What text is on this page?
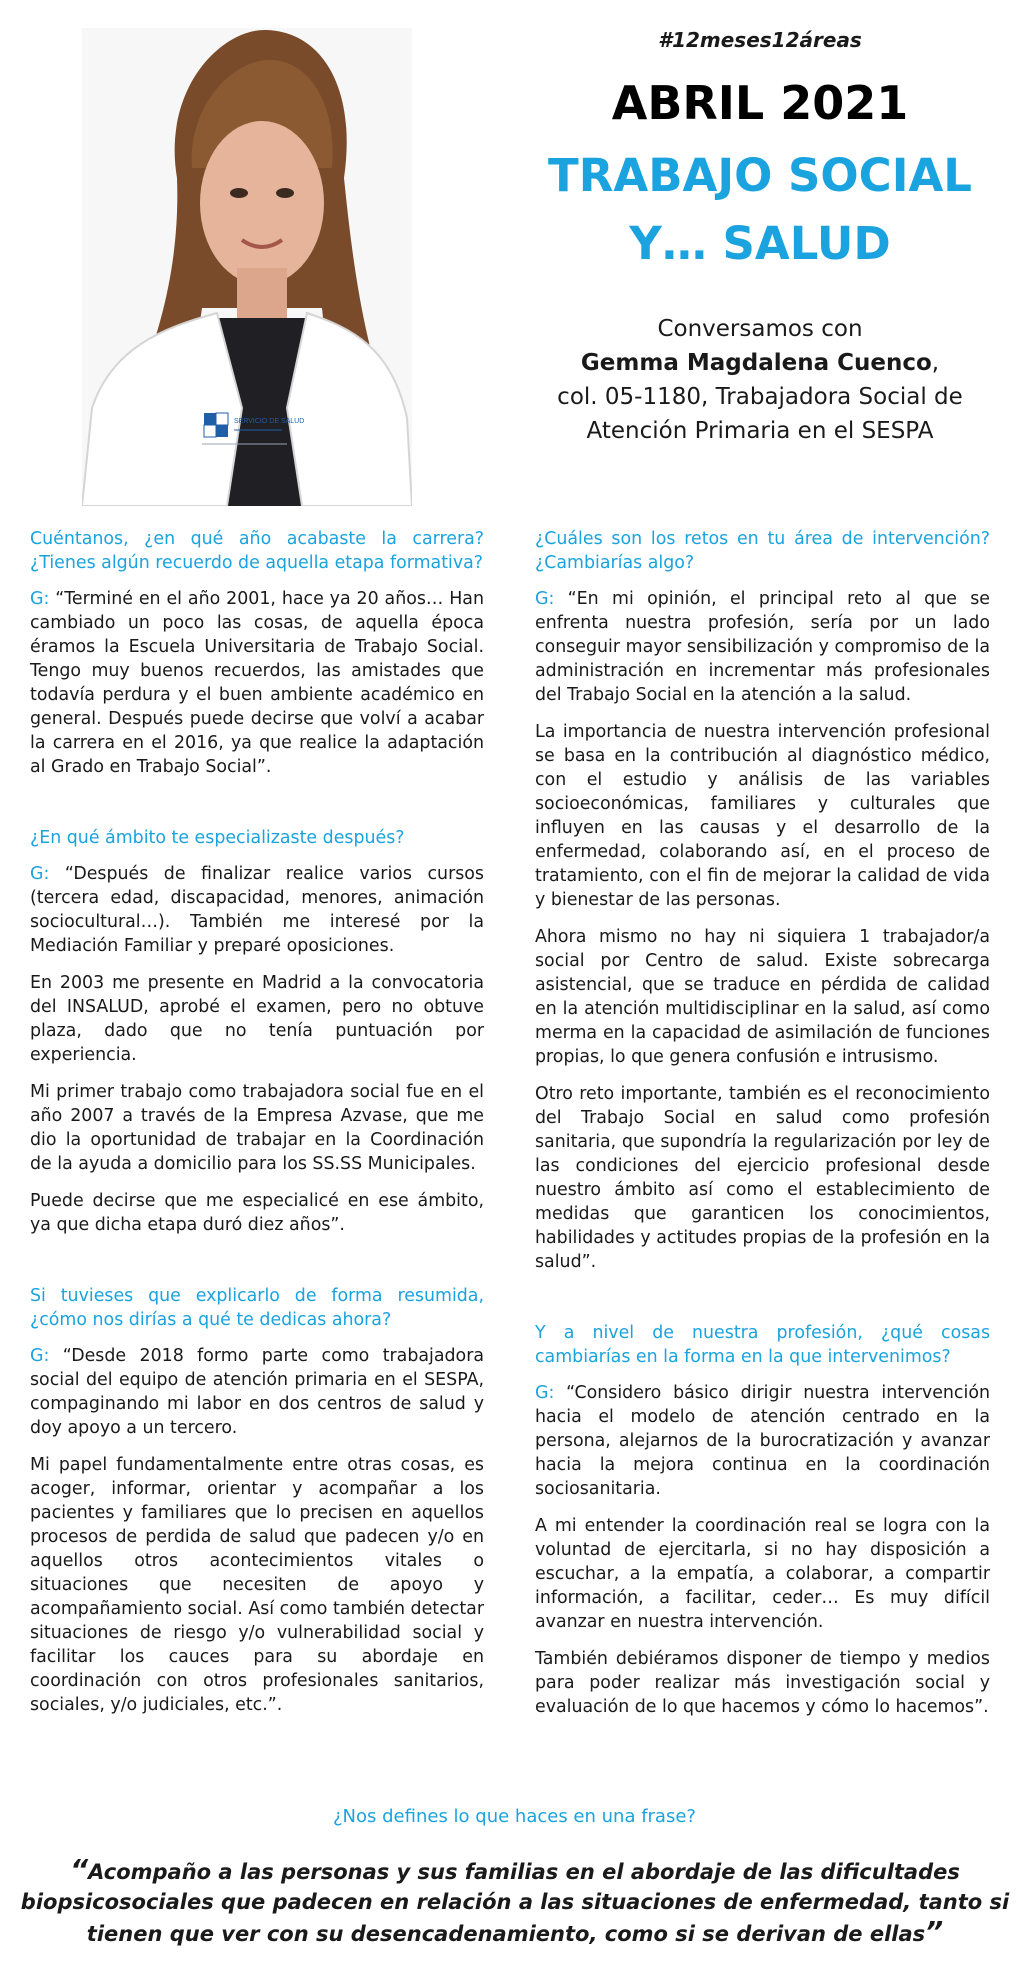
SERVICIO DE SALUD
#12meses12áreas
ABRIL 2021
TRABAJO SOCIAL
Y… SALUD
Conversamos con
Gemma Magdalena Cuenco,
col. 05-1180, Trabajadora Social de Atención Primaria en el SESPA
Cuéntanos, ¿en qué año acabaste la carrera? ¿Tienes algún recuerdo de aquella etapa formativa?
G: “Terminé en el año 2001, hace ya 20 años… Han cambiado un poco las cosas, de aquella época éramos la Escuela Universitaria de Trabajo Social. Tengo muy buenos recuerdos, las amistades que todavía perdura y el buen ambiente académico en general. Después puede decirse que volví a acabar la carrera en el 2016, ya que realice la adaptación al Grado en Trabajo Social”.
¿En qué ámbito te especializaste después?
G: “Después de finalizar realice varios cursos (tercera edad, discapacidad, menores, animación sociocultural…). También me interesé por la Mediación Familiar y preparé oposiciones.
En 2003 me presente en Madrid a la convocatoria del INSALUD, aprobé el examen, pero no obtuve plaza, dado que no tenía puntuación por experiencia.
Mi primer trabajo como trabajadora social fue en el año 2007 a través de la Empresa Azvase, que me dio la oportunidad de trabajar en la Coordinación de la ayuda a domicilio para los SS.SS Municipales.
Puede decirse que me especialicé en ese ámbito, ya que dicha etapa duró diez años”.
Si tuvieses que explicarlo de forma resumida, ¿cómo nos dirías a qué te dedicas ahora?
G: “Desde 2018 formo parte como trabajadora social del equipo de atención primaria en el SESPA, compaginando mi labor en dos centros de salud y doy apoyo a un tercero.
Mi papel fundamentalmente entre otras cosas, es acoger, informar, orientar y acompañar a los pacientes y familiares que lo precisen en aquellos procesos de perdida de salud que padecen y/o en aquellos otros acontecimientos vitales o situaciones que necesiten de apoyo y acompañamiento social. Así como también detectar situaciones de riesgo y/o vulnerabilidad social y facilitar los cauces para su abordaje en coordinación con otros profesionales sanitarios, sociales, y/o judiciales, etc.”.
¿Cuáles son los retos en tu área de intervención? ¿Cambiarías algo?
G: “En mi opinión, el principal reto al que se enfrenta nuestra profesión, sería por un lado conseguir mayor sensibilización y compromiso de la administración en incrementar más profesionales del Trabajo Social en la atención a la salud.
La importancia de nuestra intervención profesional se basa en la contribución al diagnóstico médico, con el estudio y análisis de las variables socioeconómicas, familiares y culturales que influyen en las causas y el desarrollo de la enfermedad, colaborando así, en el proceso de tratamiento, con el fin de mejorar la calidad de vida y bienestar de las personas.
Ahora mismo no hay ni siquiera 1 trabajador/a social por Centro de salud. Existe sobrecarga asistencial, que se traduce en pérdida de calidad en la atención multidisciplinar en la salud, así como merma en la capacidad de asimilación de funciones propias, lo que genera confusión e intrusismo.
Otro reto importante, también es el reconocimiento del Trabajo Social en salud como profesión sanitaria, que supondría la regularización por ley de las condiciones del ejercicio profesional desde nuestro ámbito así como el establecimiento de medidas que garanticen los conocimientos, habilidades y actitudes propias de la profesión en la salud”.
Y a nivel de nuestra profesión, ¿qué cosas cambiarías en la forma en la que intervenimos?
G: “Considero básico dirigir nuestra intervención hacia el modelo de atención centrado en la persona, alejarnos de la burocratización y avanzar hacia la mejora continua en la coordinación sociosanitaria.
A mi entender la coordinación real se logra con la voluntad de ejercitarla, si no hay disposición a escuchar, a la empatía, a colaborar, a compartir información, a facilitar, ceder… Es muy difícil avanzar en nuestra intervención.
También debiéramos disponer de tiempo y medios para poder realizar más investigación social y evaluación de lo que hacemos y cómo lo hacemos”.
¿Nos defines lo que haces en una frase?
“Acompaño a las personas y sus familias en el abordaje de las dificultades biopsicosociales que padecen en relación a las situaciones de enfermedad, tanto si tienen que ver con su desencadenamiento, como si se derivan de ellas”
